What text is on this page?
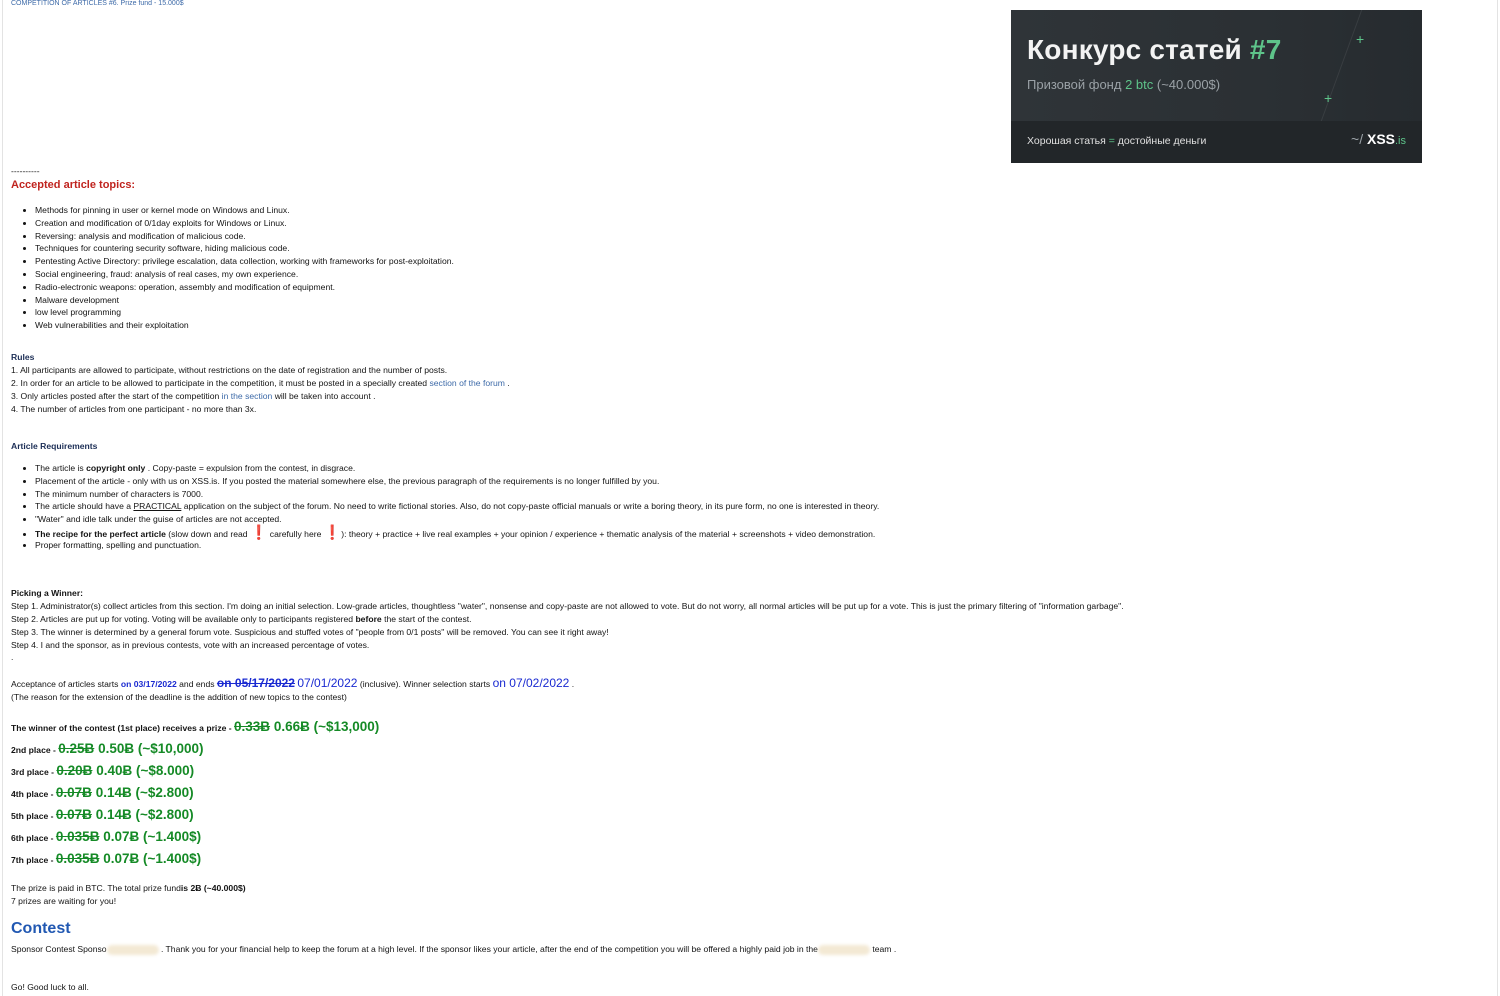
COMPETITION OF ARTICLES #6. Prize fund - 15.000$
+
+
Конкурс статей #7
Призовой фонд 2 btc (~40.000$)
Хорошая статья = достойные деньги	~/ XSS.is
----------
Accepted article topics:
• Methods for pinning in user or kernel mode on Windows and Linux.
• Creation and modification of 0/1day exploits for Windows or Linux.
• Reversing: analysis and modification of malicious code.
• Techniques for countering security software, hiding malicious code.
• Pentesting Active Directory: privilege escalation, data collection, working with frameworks for post-exploitation.
• Social engineering, fraud: analysis of real cases, my own experience.
• Radio-electronic weapons: operation, assembly and modification of equipment.
• Malware development
• low level programming
• Web vulnerabilities and their exploitation
Rules
1. All participants are allowed to participate, without restrictions on the date of registration and the number of posts.
2. In order for an article to be allowed to participate in the competition, it must be posted in a specially created section of the forum .
3. Only articles posted after the start of the competition in the section will be taken into account .
4. The number of articles from one participant - no more than 3x.
Article Requirements
• The article is copyright only . Copy-paste = expulsion from the contest, in disgrace.
• Placement of the article - only with us on XSS.is. If you posted the material somewhere else, the previous paragraph of the requirements is no longer fulfilled by you.
• The minimum number of characters is 7000.
• The article should have a PRACTICAL application on the subject of the forum. No need to write fictional stories. Also, do not copy-paste official manuals or write a boring theory, in its pure form, no one is interested in theory.
• "Water" and idle talk under the guise of articles are not accepted.
• The recipe for the perfect article (slow down and read ❗ carefully here ❗): theory + practice + live real examples + your opinion / experience + thematic analysis of the material + screenshots + video demonstration.
• Proper formatting, spelling and punctuation.
Picking a Winner:
Step 1. Administrator(s) collect articles from this section. I'm doing an initial selection. Low-grade articles, thoughtless "water", nonsense and copy-paste are not allowed to vote. But do not worry, all normal articles will be put up for a vote. This is just the primary filtering of "information garbage".
Step 2. Articles are put up for voting. Voting will be available only to participants registered before the start of the contest.
Step 3. The winner is determined by a general forum vote. Suspicious and stuffed votes of "people from 0/1 posts" will be removed. You can see it right away!
Step 4. I and the sponsor, as in previous contests, vote with an increased percentage of votes.
.
Acceptance of articles starts on 03/17/2022 and ends on 05/17/2022 07/01/2022 (inclusive). Winner selection starts on 07/02/2022 .
(The reason for the extension of the deadline is the addition of new topics to the contest)
The winner of the contest (1st place) receives a prize - 0.33Ƀ 0.66Ƀ (~$13,000)
2nd place - 0.25Ƀ 0.50Ƀ (~$10,000)
3rd place - 0.20Ƀ 0.40Ƀ (~$8.000)
4th place - 0.07Ƀ 0.14Ƀ (~$2.800)
5th place - 0.07Ƀ 0.14Ƀ (~$2.800)
6th place - 0.035Ƀ 0.07Ƀ (~1.400$)
7th place - 0.035Ƀ 0.07Ƀ (~1.400$)
The prize is paid in BTC. The total prize fundis 2Ƀ (~40.000$)
7 prizes are waiting for you!
Contest
Sponsor Contest Sponso	. Thank you for your financial help to keep the forum at a high level. If the sponsor likes your article, after the end of the competition you will be offered a highly paid job in the	team .
Go! Good luck to all.
